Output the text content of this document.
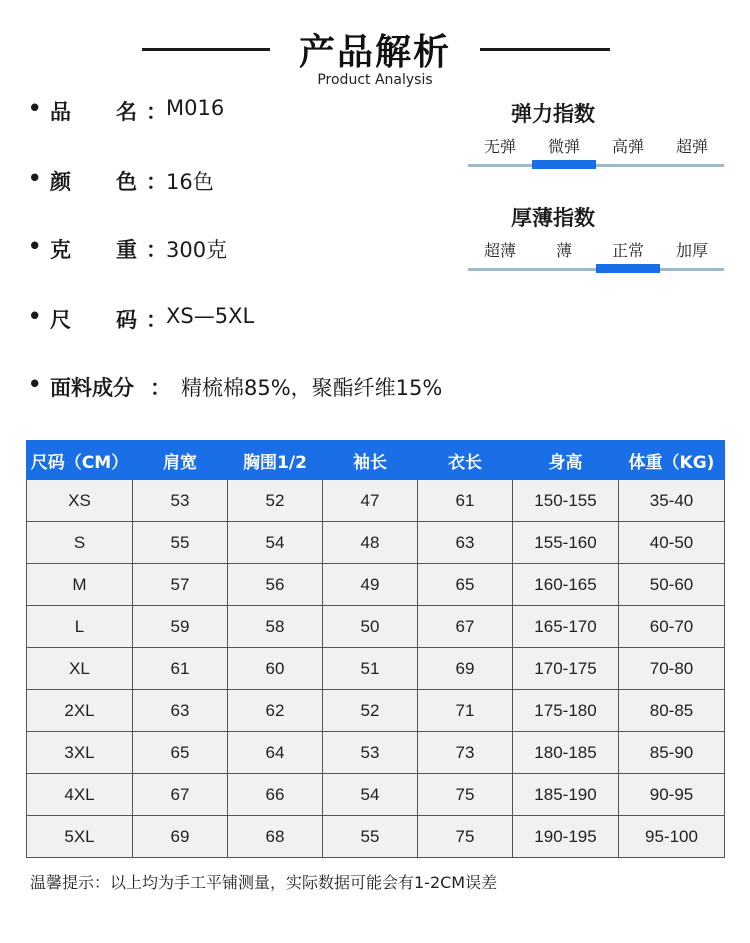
产品解析
Product Analysis
• 品 名 ： M016
• 颜 色 ： 16色
• 克 重 ： 300克
• 尺 码 ： XS—5XL
• 面料成分 ： 精梳棉85%，聚酯纤维15%
弹力指数
无弹	微弹	高弹	超弹
厚薄指数
超薄	薄	正常	加厚
尺码（CM）	肩宽	胸围1/2	袖长	衣长	身高	体重（KG)
XS	53	52	47	61	150-155	35-40
S	55	54	48	63	155-160	40-50
M	57	56	49	65	160-165	50-60
L	59	58	50	67	165-170	60-70
XL	61	60	51	69	170-175	70-80
2XL	63	62	52	71	175-180	80-85
3XL	65	64	53	73	180-185	85-90
4XL	67	66	54	75	185-190	90-95
5XL	69	68	55	75	190-195	95-100
温馨提示：以上均为手工平铺测量，实际数据可能会有1-2CM误差
